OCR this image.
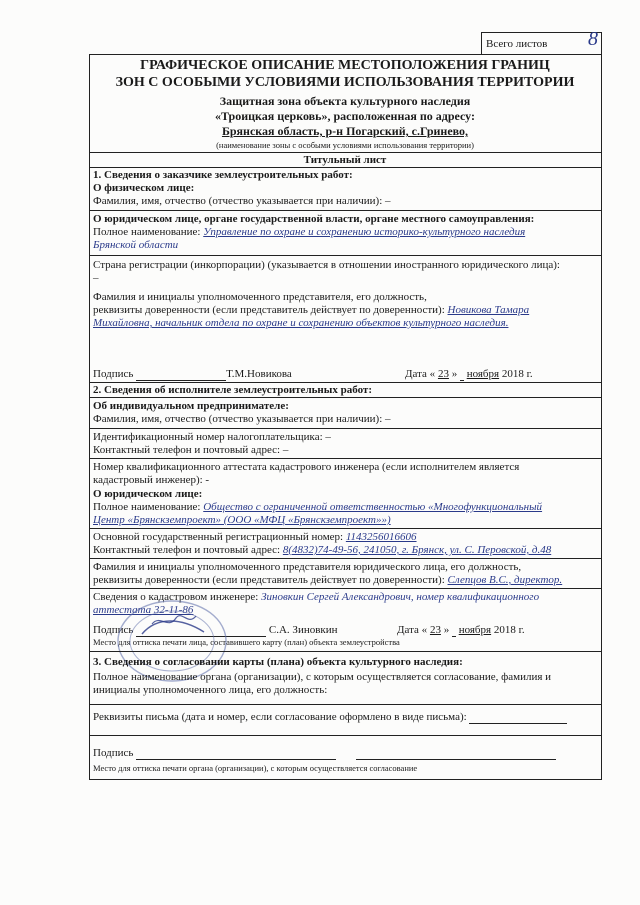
Всего листов 8
ГРАФИЧЕСКОЕ ОПИСАНИЕ МЕСТОПОЛОЖЕНИЯ ГРАНИЦ
ЗОН С ОСОБЫМИ УСЛОВИЯМИ ИСПОЛЬЗОВАНИЯ ТЕРРИТОРИИ
Защитная зона объекта культурного наследия
«Троицкая церковь», расположенная по адресу:
Брянская область, р-н Погарский, с.Гринево,
(наименование зоны с особыми условиями использования территории)
Титульный лист
1. Сведения о заказчике землеустроительных работ:
О физическом лице:
Фамилия, имя, отчество (отчество указывается при наличии): –
О юридическом лице, органе государственной власти, органе местного самоуправления:
Полное наименование: Управление по охране и сохранению историко-культурного наследия
Брянской области
Страна регистрации (инкорпорации) (указывается в отношении иностранного юридического лица):
–
Фамилия и инициалы уполномоченного представителя, его должность,
реквизиты доверенности (если представитель действует по доверенности): Новикова Тамара
Михайловна, начальник отдела по охране и сохранению объектов культурного наследия.
Подпись	Т.М.Новикова	Дата « 23 »  ноября 2018 г.
2. Сведения об исполнителе землеустроительных работ:
Об индивидуальном предпринимателе:
Фамилия, имя, отчество (отчество указывается при наличии): –
Идентификационный номер налогоплательщика: –
Контактный телефон и почтовый адрес: –
Номер квалификационного аттестата кадастрового инженера (если исполнителем является
кадастровый инженер): -
О юридическом лице:
Полное наименование: Общество с ограниченной ответственностью «Многофункциональный
Центр «Брянскземпроект» (ООО «МФЦ «Брянскземпроект»»)
Основной государственный регистрационный номер: 1143256016606
Контактный телефон и почтовый адрес: 8(4832)74-49-56, 241050, г. Брянск, ул. С. Перовской, д.48
Фамилия и инициалы уполномоченного представителя юридического лица, его должность,
реквизиты доверенности (если представитель действует по доверенности): Слепцов В.С., директор.
Сведения о кадастровом инженере: Зиновкин Сергей Александрович, номер квалификационного
аттестата 32-11-86
Подпись	С.А. Зиновкин	Дата « 23 »  ноября 2018 г.
Место для оттиска печати лица, составившего карту (план) объекта землеустройства
3. Сведения о согласовании карты (плана) объекта культурного наследия:
Полное наименование органа (организации), с которым осуществляется согласование, фамилия и
инициалы уполномоченного лица, его должность:
Реквизиты письма (дата и номер, если согласование оформлено в виде письма):
Подпись
Место для оттиска печати органа (организации), с которым осуществляется согласование
